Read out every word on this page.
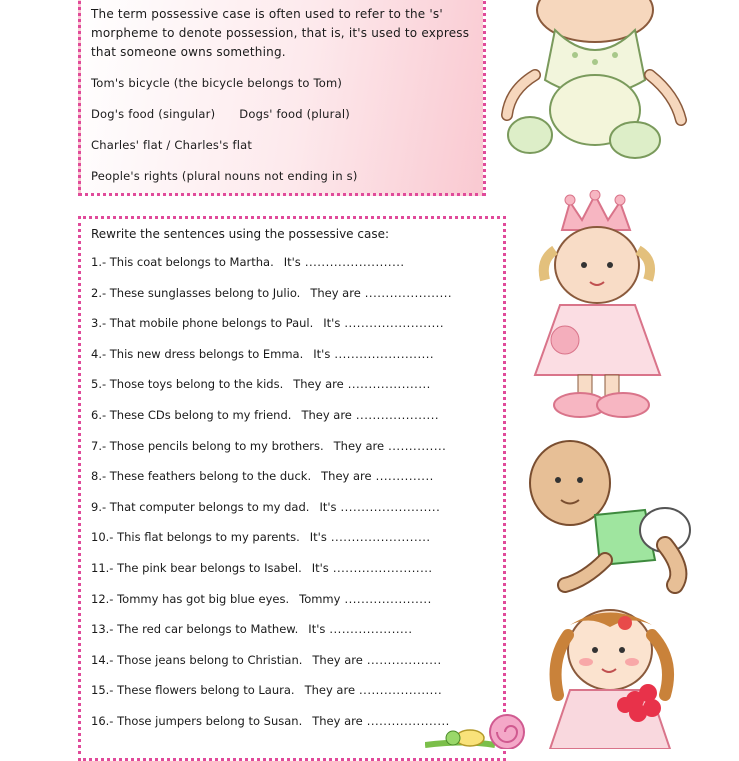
The term possessive case is often used to refer to the 's' morpheme to denote possession, that is, it's used to express that someone owns something.

Tom's bicycle (the bicycle belongs to Tom)

Dog's food (singular) Dogs' food (plural)

Charles' flat / Charles's flat

People's rights (plural nouns not ending in s)

Rewrite the sentences using the possessive case:

1.- This coat belongs to Martha. It's ........................
2.- These sunglasses belong to Julio. They are .....................
3.- That mobile phone belongs to Paul. It's ........................
4.- This new dress belongs to Emma. It's ........................
5.- Those toys belong to the kids. They are ....................
6.- These CDs belong to my friend. They are ....................
7.- Those pencils belong to my brothers. They are ..............
8.- These feathers belong to the duck. They are ..............
9.- That computer belongs to my dad. It's ........................
10.- This flat belongs to my parents. It's ........................
11.- The pink bear belongs to Isabel. It's ........................
12.- Tommy has got big blue eyes. Tommy .....................
13.- The red car belongs to Mathew. It's ....................
14.- Those jeans belong to Christian. They are ..................
15.- These flowers belong to Laura. They are ....................
16.- Those jumpers belong to Susan. They are ....................
